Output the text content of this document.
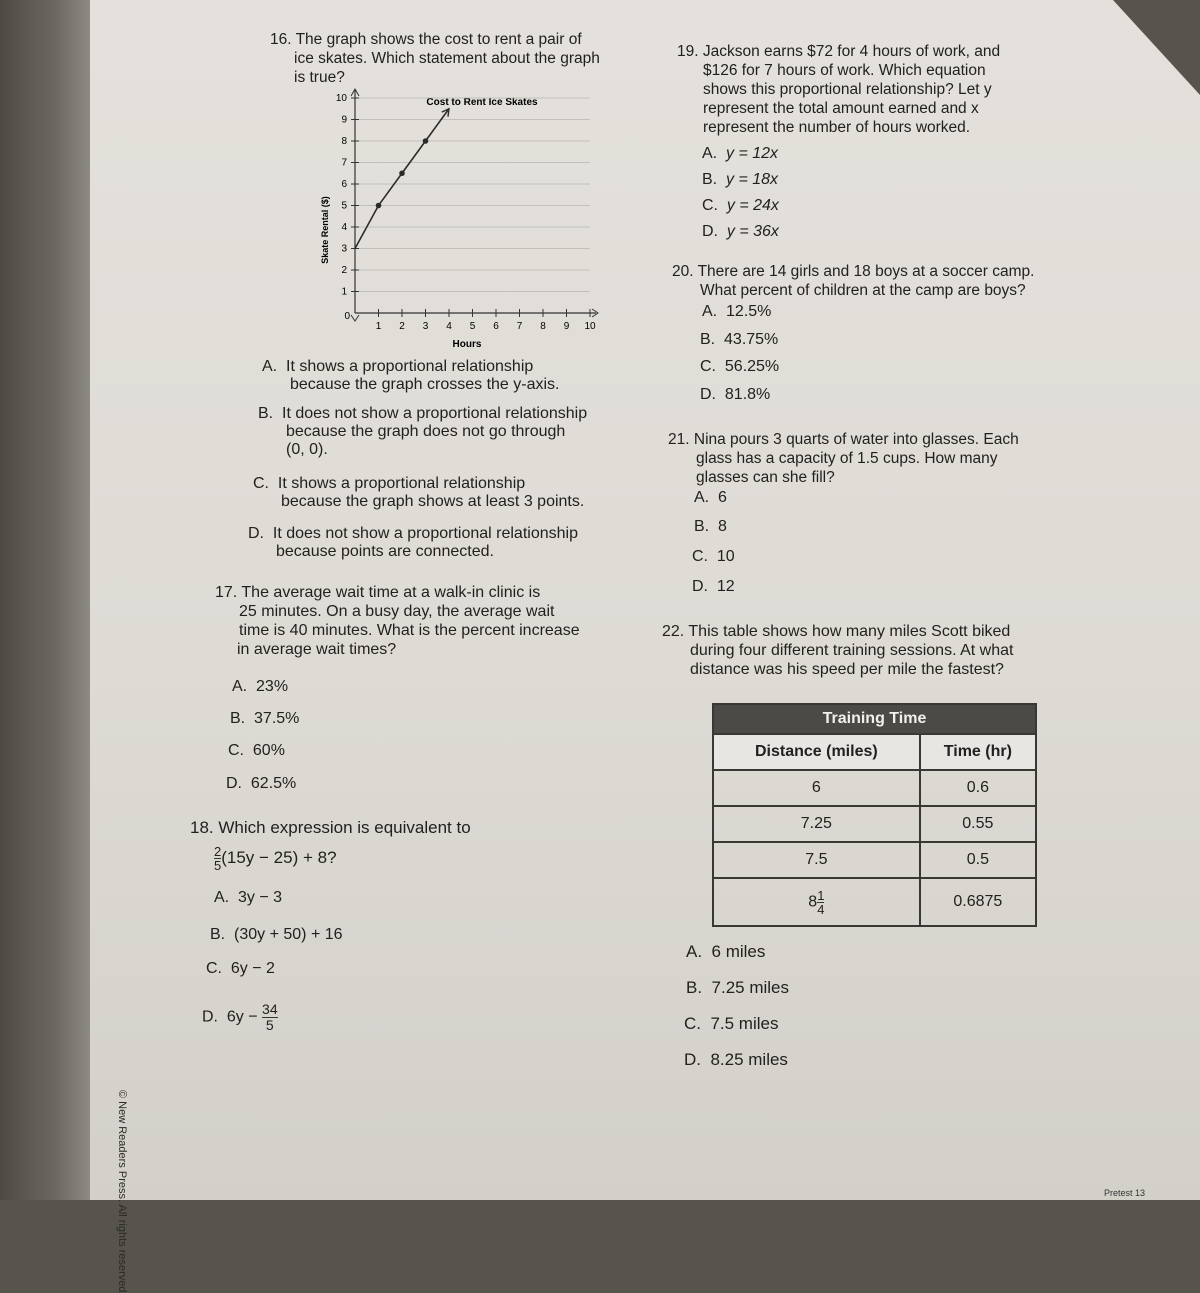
16. The graph shows the cost to rent a pair of
ice skates. Which statement about the graph
is true?
Cost to Rent Ice Skates
Skate Rental ($)
Hours
1 2 3 4 5 6 7 8 9 10
1
2
3
4
5
6
7
8
9
10
0
A. It shows a proportional relationship
because the graph crosses the y-axis.
B. It does not show a proportional relationship
because the graph does not go through
(0, 0).
C. It shows a proportional relationship
because the graph shows at least 3 points.
D. It does not show a proportional relationship
because points are connected.
17. The average wait time at a walk-in clinic is
25 minutes. On a busy day, the average wait
time is 40 minutes. What is the percent increase
in average wait times?
A. 23%
B. 37.5%
C. 60%
D. 62.5%
18. Which expression is equivalent to
$\frac{2}{5} (15y - 25) + 8$?
A. 3y − 3
B. (30y + 50) + 16
C. 6y − 2
D. $6y - \frac{34}{5}$
19. Jackson earns $72 for 4 hours of work, and
$126 for 7 hours of work. Which equation
shows this proportional relationship? Let y
represent the total amount earned and x
represent the number of hours worked.
A. y = 12x
B. y = 18x
C. y = 24x
D. y = 36x
20. There are 14 girls and 18 boys at a soccer camp.
What percent of children at the camp are boys?
A. 12.5%
B. 43.75%
C. 56.25%
D. 81.8%
21. Nina pours 3 quarts of water into glasses. Each
glass has a capacity of 1.5 cups. How many
glasses can she fill?
A. 6
B. 8
C. 10
D. 12
22. This table shows how many miles Scott biked
during four different training sessions. At what
distance was his speed per mile the fastest?
Training Time	
Distance (miles)	Time (hr)
6	0.6
7.25	0.55
7.5	0.5
$8 \frac{1}{4}$	0.6875
A. 6 miles
B. 7.25 miles
C. 7.5 miles
D. 8.25 miles
© New Readers Press. All rights reserved	Pretest 13
